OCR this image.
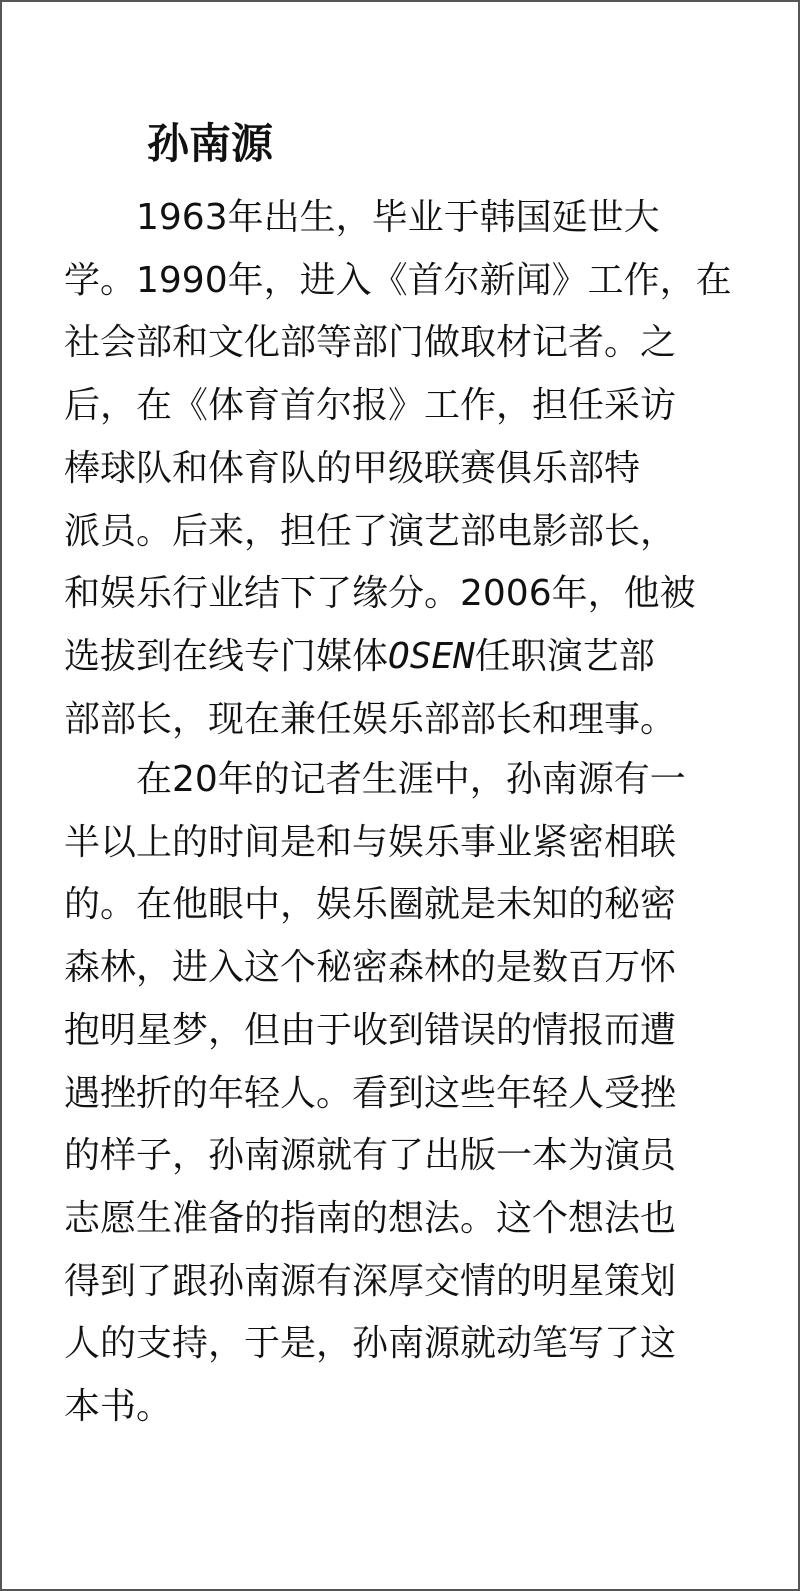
孙南源
1963年出生，毕业于韩国延世大
学。1990年，进入《首尔新闻》工作，在
社会部和文化部等部门做取材记者。之
后，在《体育首尔报》工作，担任采访
棒球队和体育队的甲级联赛俱乐部特
派员。后来，担任了演艺部电影部长，
和娱乐行业结下了缘分。2006年，他被
选拔到在线专门媒体OSEN任职演艺部
部部长，现在兼任娱乐部部长和理事。
在20年的记者生涯中，孙南源有一
半以上的时间是和与娱乐事业紧密相联
的。在他眼中，娱乐圈就是未知的秘密
森林，进入这个秘密森林的是数百万怀
抱明星梦，但由于收到错误的情报而遭
遇挫折的年轻人。看到这些年轻人受挫
的样子，孙南源就有了出版一本为演员
志愿生准备的指南的想法。这个想法也
得到了跟孙南源有深厚交情的明星策划
人的支持，于是，孙南源就动笔写了这
本书。
